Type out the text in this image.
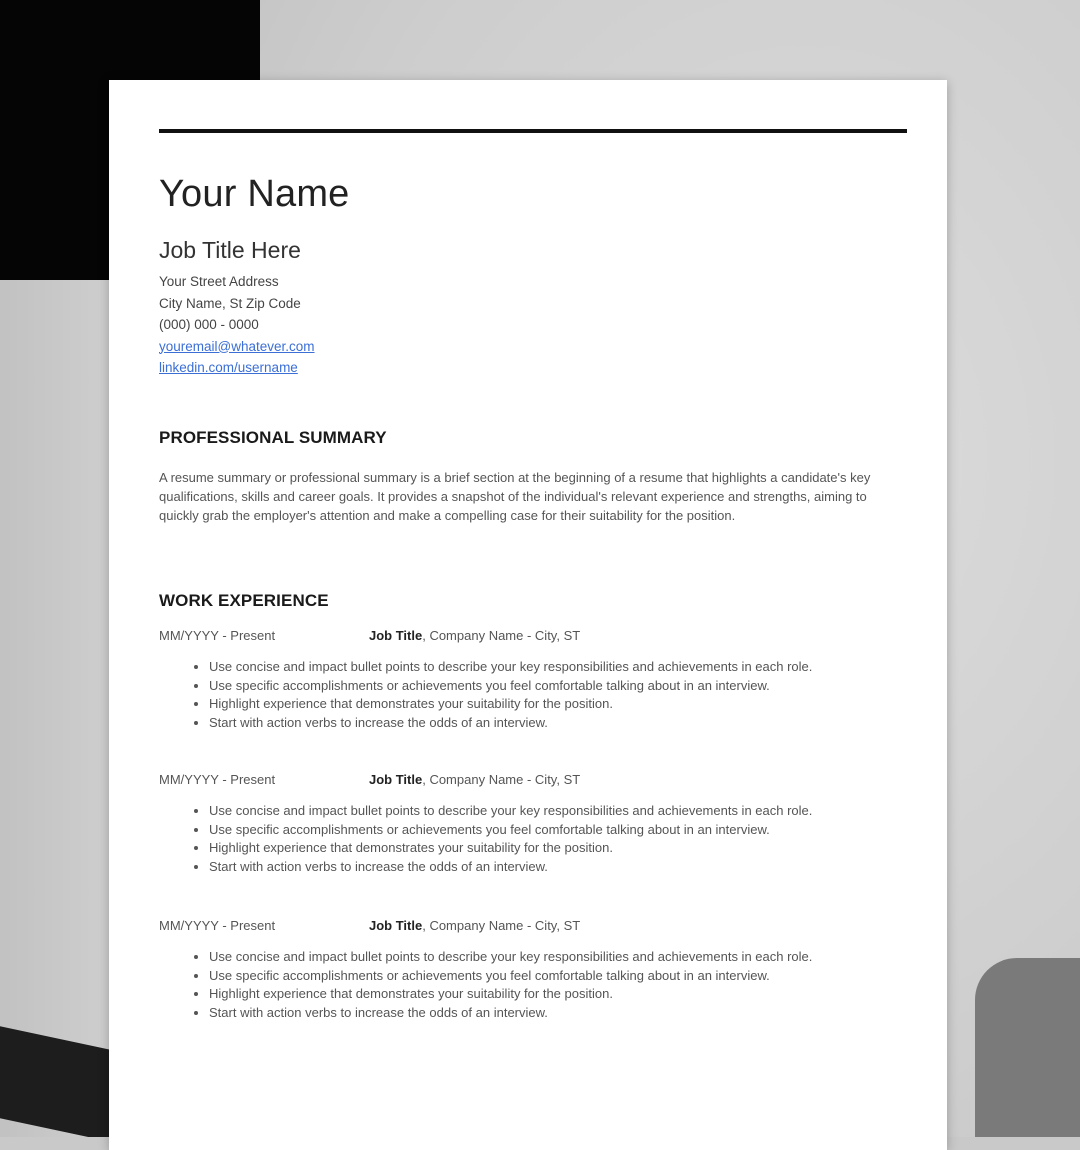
Your Name
Job Title Here
Your Street Address
City Name, St Zip Code
(000) 000 - 0000
youremail@whatever.com
linkedin.com/username
PROFESSIONAL SUMMARY

A resume summary or professional summary is a brief section at the beginning of a resume that highlights a candidate's key qualifications, skills and career goals. It provides a snapshot of the individual's relevant experience and strengths, aiming to quickly grab the employer's attention and make a compelling case for their suitability for the position.

WORK EXPERIENCE
MM/YYYY - Present	Job Title, Company Name - City, ST
• Use concise and impact bullet points to describe your key responsibilities and achievements in each role.
• Use specific accomplishments or achievements you feel comfortable talking about in an interview.
• Highlight experience that demonstrates your suitability for the position.
• Start with action verbs to increase the odds of an interview.
MM/YYYY - Present	Job Title, Company Name - City, ST
• Use concise and impact bullet points to describe your key responsibilities and achievements in each role.
• Use specific accomplishments or achievements you feel comfortable talking about in an interview.
• Highlight experience that demonstrates your suitability for the position.
• Start with action verbs to increase the odds of an interview.
MM/YYYY - Present	Job Title, Company Name - City, ST
• Use concise and impact bullet points to describe your key responsibilities and achievements in each role.
• Use specific accomplishments or achievements you feel comfortable talking about in an interview.
• Highlight experience that demonstrates your suitability for the position.
• Start with action verbs to increase the odds of an interview.
